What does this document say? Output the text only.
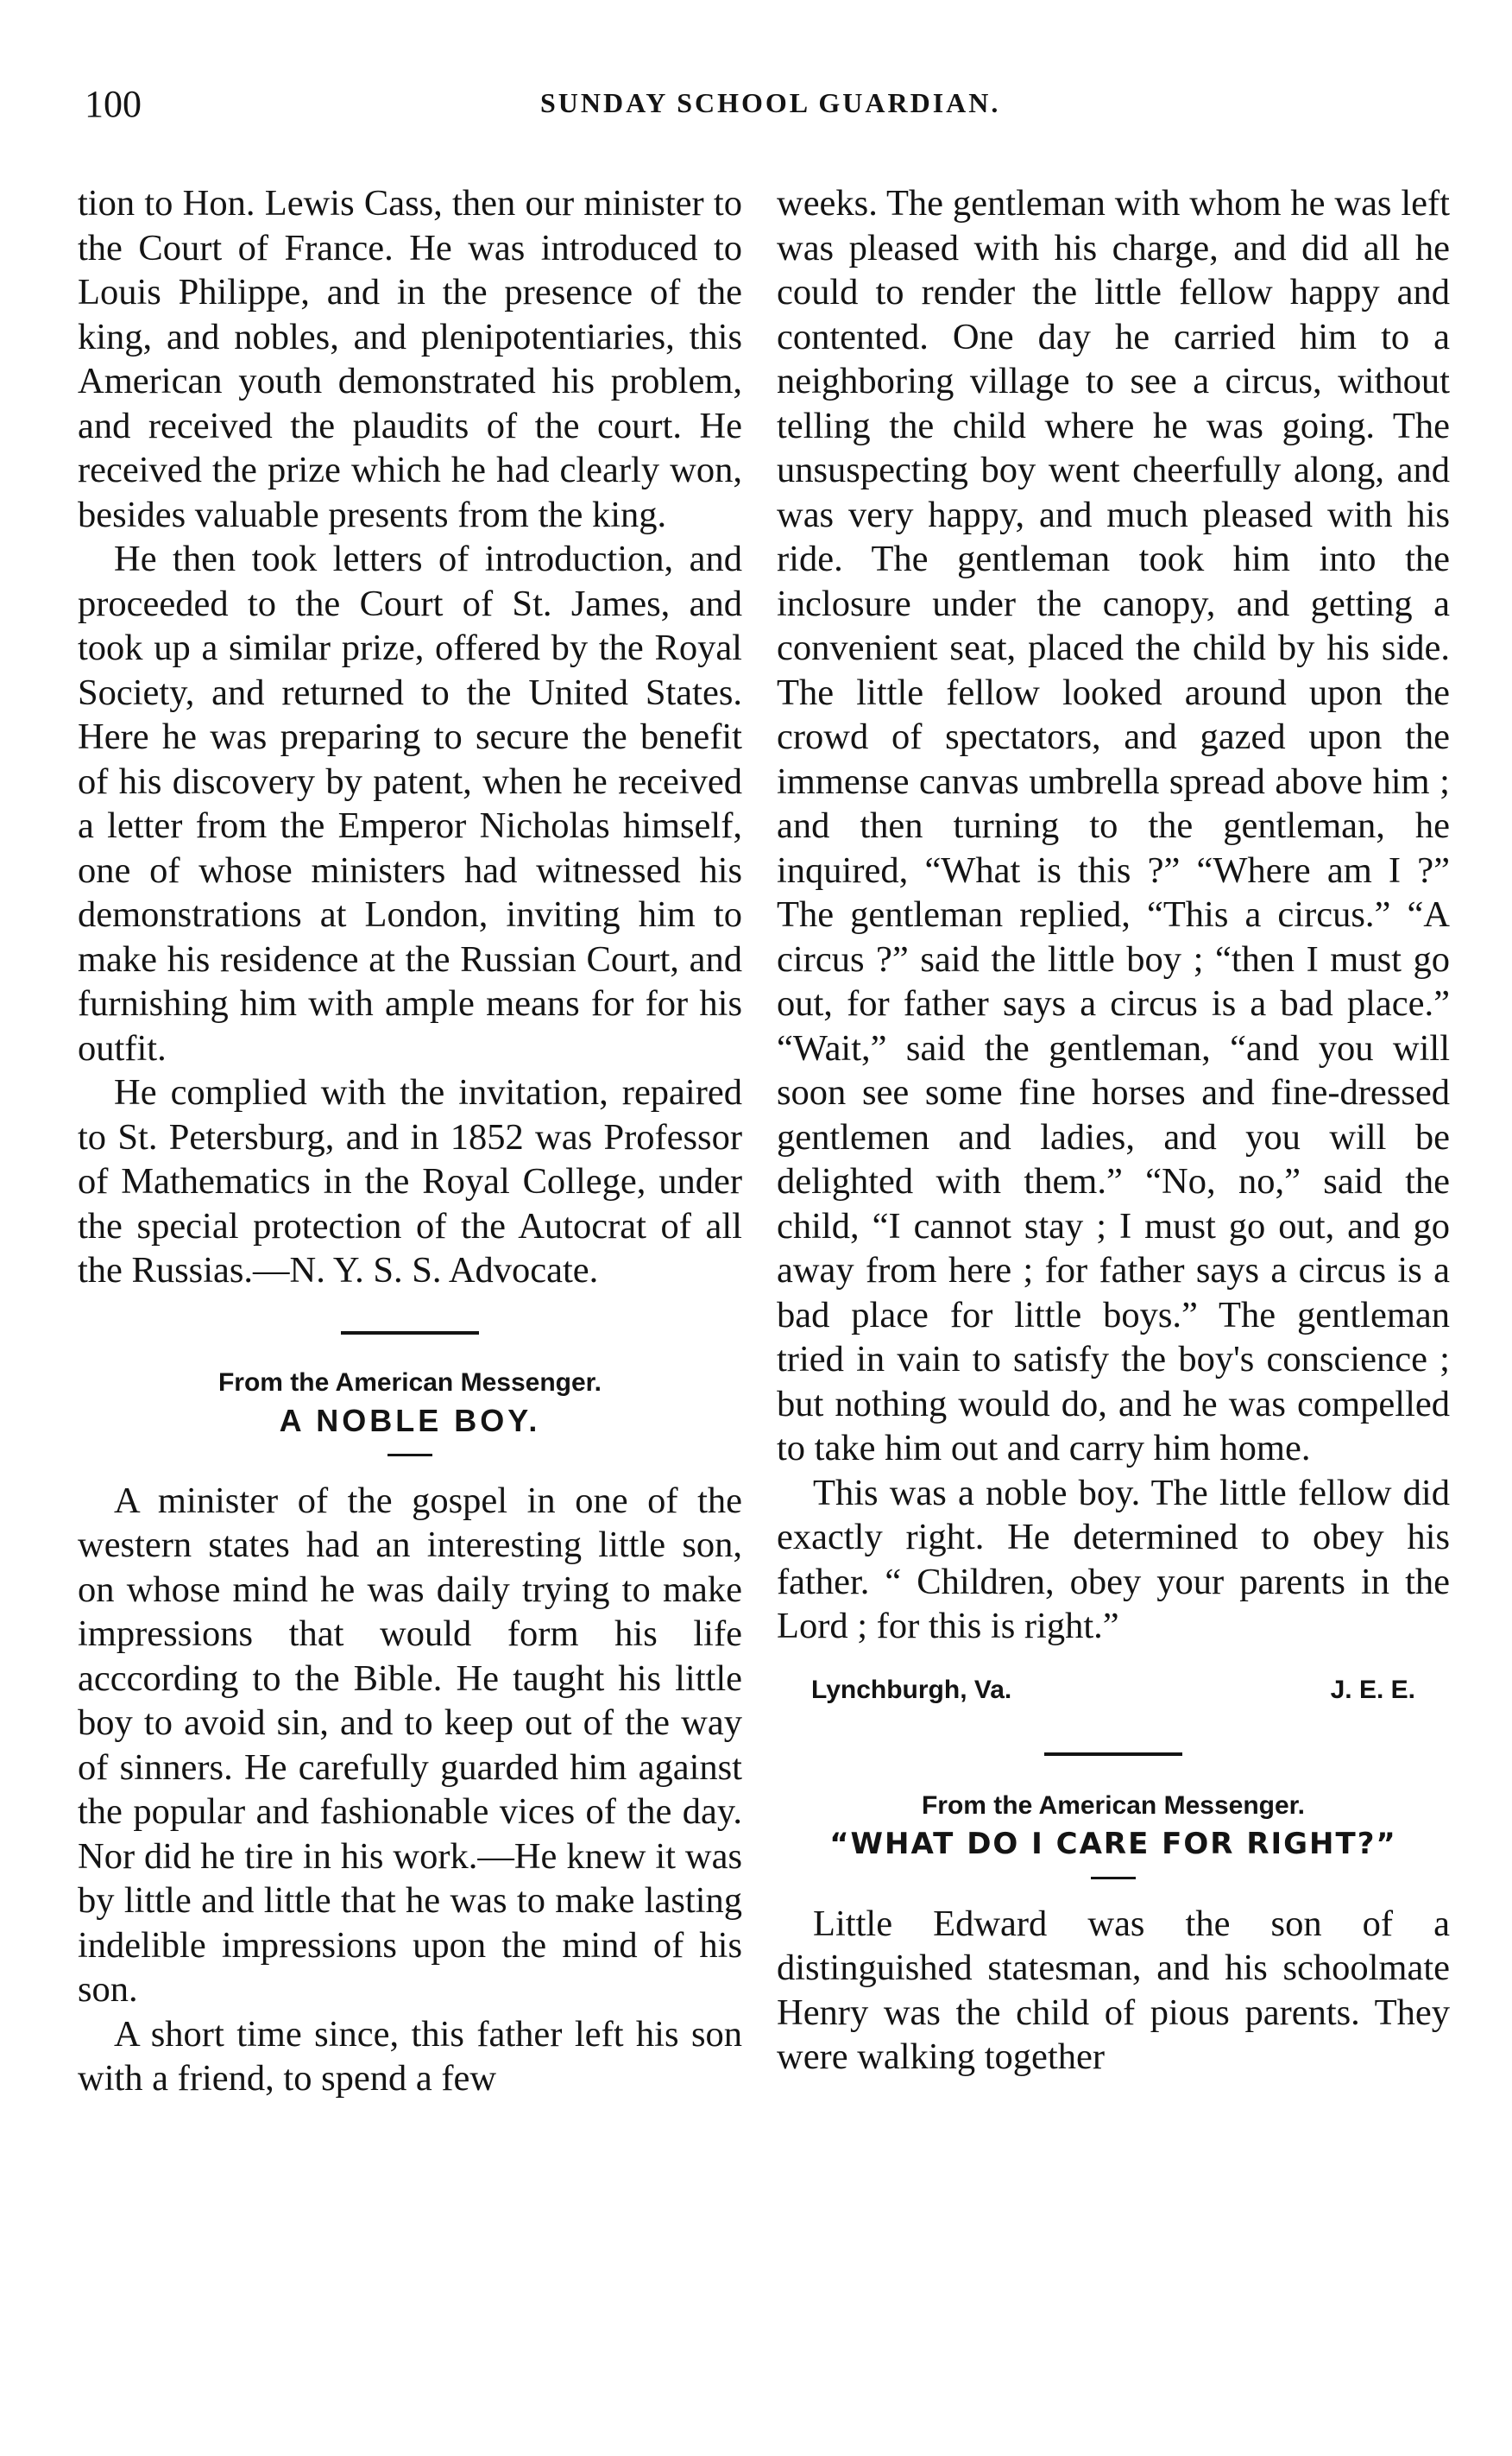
100	SUNDAY SCHOOL GUARDIAN.

tion to Hon. Lewis Cass, then our minister to the Court of France. He was introduced to Louis Philippe, and in the presence of the king, and nobles, and plenipotentiaries, this American youth demonstrated his problem, and received the plaudits of the court. He received the prize which he had clearly won, besides valuable presents from the king.

He then took letters of introduction, and proceeded to the Court of St. James, and took up a similar prize, offered by the Royal Society, and returned to the United States. Here he was preparing to secure the benefit of his discovery by patent, when he received a letter from the Emperor Nicholas himself, one of whose ministers had witnessed his demonstrations at London, inviting him to make his residence at the Russian Court, and furnishing him with ample means for for his outfit.

He complied with the invitation, repaired to St. Petersburg, and in 1852 was Professor of Mathematics in the Royal College, under the special protection of the Autocrat of all the Russias.—N. Y. S. S. Advocate.

From the American Messenger.
A NOBLE BOY.

A minister of the gospel in one of the western states had an interesting little son, on whose mind he was daily trying to make impressions that would form his life acccording to the Bible. He taught his little boy to avoid sin, and to keep out of the way of sinners. He carefully guarded him against the popular and fashionable vices of the day. Nor did he tire in his work.—He knew it was by little and little that he was to make lasting indelible impressions upon the mind of his son.

A short time since, this father left his son with a friend, to spend a few

weeks. The gentleman with whom he was left was pleased with his charge, and did all he could to render the little fellow happy and contented. One day he carried him to a neighboring village to see a circus, without telling the child where he was going. The unsuspecting boy went cheerfully along, and was very happy, and much pleased with his ride. The gentleman took him into the inclosure under the canopy, and getting a convenient seat, placed the child by his side. The little fellow looked around upon the crowd of spectators, and gazed upon the immense canvas umbrella spread above him ; and then turning to the gentleman, he inquired, “What is this ?” “Where am I ?” The gentleman replied, “This a circus.” “A circus ?” said the little boy ; “then I must go out, for father says a circus is a bad place.” “Wait,” said the gentleman, “and you will soon see some fine horses and fine-dressed gentlemen and ladies, and you will be delighted with them.” “No, no,” said the child, “I cannot stay ; I must go out, and go away from here ; for father says a circus is a bad place for little boys.” The gentleman tried in vain to satisfy the boy's conscience ; but nothing would do, and he was compelled to take him out and carry him home.

This was a noble boy. The little fellow did exactly right. He determined to obey his father. “ Children, obey your parents in the Lord ; for this is right.”

Lynchburgh, Va.	J. E. E.
From the American Messenger.
“WHAT DO I CARE FOR RIGHT?”

Little Edward was the son of a distinguished statesman, and his schoolmate Henry was the child of pious parents. They were walking together
